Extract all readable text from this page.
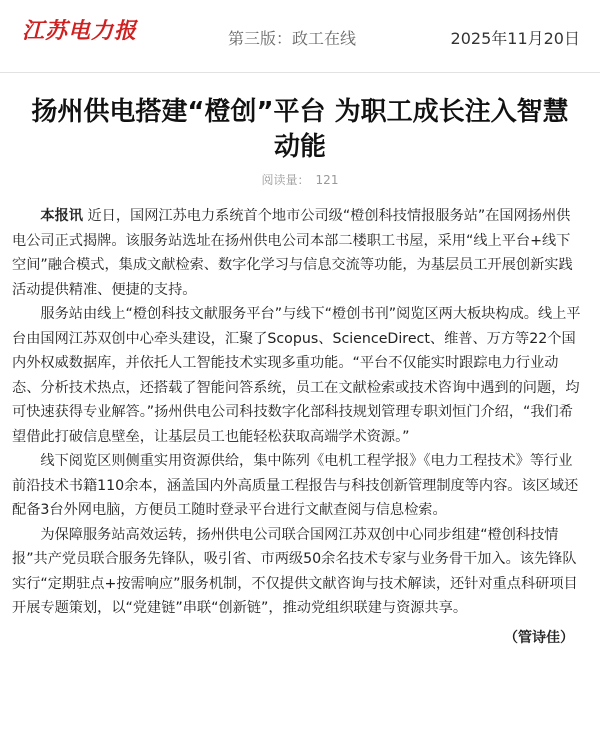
江苏电力报	第三版：政工在线	2025年11月20日
扬州供电搭建“橙创”平台 为职工成长注入智慧动能
阅读量： 121

本报讯 近日，国网江苏电力系统首个地市公司级“橙创科技情报服务站”在国网扬州供电公司正式揭牌。该服务站选址在扬州供电公司本部二楼职工书屋，采用“线上平台+线下空间”融合模式，集成文献检索、数字化学习与信息交流等功能，为基层员工开展创新实践活动提供精准、便捷的支持。

服务站由线上“橙创科技文献服务平台”与线下“橙创书刊”阅览区两大板块构成。线上平台由国网江苏双创中心牵头建设，汇聚了Scopus、ScienceDirect、维普、万方等22个国内外权威数据库，并依托人工智能技术实现多重功能。“平台不仅能实时跟踪电力行业动态、分析技术热点，还搭载了智能问答系统，员工在文献检索或技术咨询中遇到的问题，均可快速获得专业解答。”扬州供电公司科技数字化部科技规划管理专职刘恒门介绍，“我们希望借此打破信息壁垒，让基层员工也能轻松获取高端学术资源。”

线下阅览区则侧重实用资源供给，集中陈列《电机工程学报》《电力工程技术》等行业前沿技术书籍110余本，涵盖国内外高质量工程报告与科技创新管理制度等内容。该区域还配备3台外网电脑，方便员工随时登录平台进行文献查阅与信息检索。

为保障服务站高效运转，扬州供电公司联合国网江苏双创中心同步组建“橙创科技情报”共产党员联合服务先锋队，吸引省、市两级50余名技术专家与业务骨干加入。该先锋队实行“定期驻点+按需响应”服务机制，不仅提供文献咨询与技术解读，还针对重点科研项目开展专题策划，以“党建链”串联“创新链”，推动党组织联建与资源共享。

（管诗佳）
